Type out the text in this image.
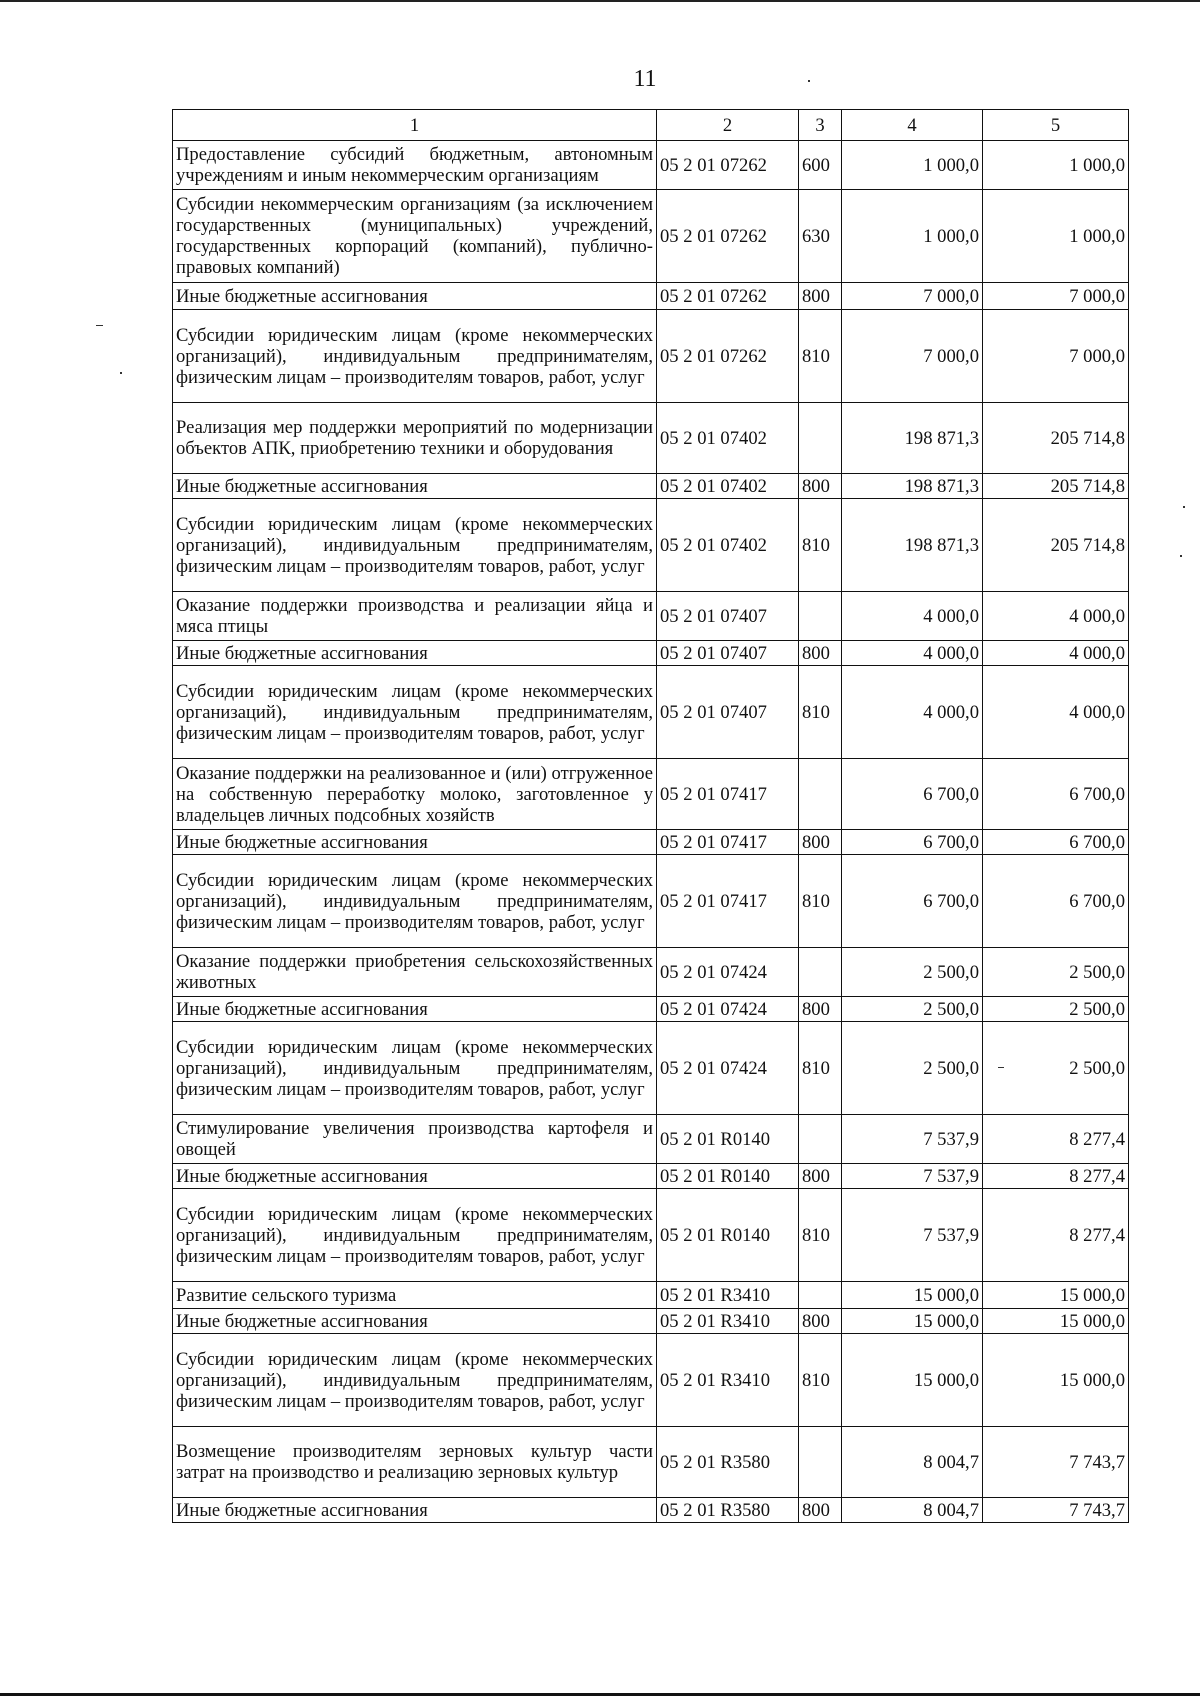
11
1	2	3	4	5
Предоставление субсидий бюджетным, автономным учреждениям и иным некоммерческим организациям	05 2 01 07262	600	1 000,0	1 000,0
Субсидии некоммерческим организациям (за исключением государственных (муниципальных) учреждений, государственных корпораций (компаний), публично-правовых компаний)	05 2 01 07262	630	1 000,0	1 000,0
Иные бюджетные ассигнования	05 2 01 07262	800	7 000,0	7 000,0
Субсидии юридическим лицам (кроме некоммерческих организаций), индивидуальным предпринимателям, физическим лицам – производителям товаров, работ, услуг	05 2 01 07262	810	7 000,0	7 000,0
Реализация мер поддержки мероприятий по модернизации объектов АПК, приобретению техники и оборудования	05 2 01 07402		198 871,3	205 714,8
Иные бюджетные ассигнования	05 2 01 07402	800	198 871,3	205 714,8
Субсидии юридическим лицам (кроме некоммерческих организаций), индивидуальным предпринимателям, физическим лицам – производителям товаров, работ, услуг	05 2 01 07402	810	198 871,3	205 714,8
Оказание поддержки производства и реализации яйца и мяса птицы	05 2 01 07407		4 000,0	4 000,0
Иные бюджетные ассигнования	05 2 01 07407	800	4 000,0	4 000,0
Субсидии юридическим лицам (кроме некоммерческих организаций), индивидуальным предпринимателям, физическим лицам – производителям товаров, работ, услуг	05 2 01 07407	810	4 000,0	4 000,0
Оказание поддержки на реализованное и (или) отгруженное на собственную переработку молоко, заготовленное у владельцев личных подсобных хозяйств	05 2 01 07417		6 700,0	6 700,0
Иные бюджетные ассигнования	05 2 01 07417	800	6 700,0	6 700,0
Субсидии юридическим лицам (кроме некоммерческих организаций), индивидуальным предпринимателям, физическим лицам – производителям товаров, работ, услуг	05 2 01 07417	810	6 700,0	6 700,0
Оказание поддержки приобретения сельскохозяйственных животных	05 2 01 07424		2 500,0	2 500,0
Иные бюджетные ассигнования	05 2 01 07424	800	2 500,0	2 500,0
Субсидии юридическим лицам (кроме некоммерческих организаций), индивидуальным предпринимателям, физическим лицам – производителям товаров, работ, услуг	05 2 01 07424	810	2 500,0	2 500,0
Стимулирование увеличения производства картофеля и овощей	05 2 01 R0140		7 537,9	8 277,4
Иные бюджетные ассигнования	05 2 01 R0140	800	7 537,9	8 277,4
Субсидии юридическим лицам (кроме некоммерческих организаций), индивидуальным предпринимателям, физическим лицам – производителям товаров, работ, услуг	05 2 01 R0140	810	7 537,9	8 277,4
Развитие сельского туризма	05 2 01 R3410		15 000,0	15 000,0
Иные бюджетные ассигнования	05 2 01 R3410	800	15 000,0	15 000,0
Субсидии юридическим лицам (кроме некоммерческих организаций), индивидуальным предпринимателям, физическим лицам – производителям товаров, работ, услуг	05 2 01 R3410	810	15 000,0	15 000,0
Возмещение производителям зерновых культур части затрат на производство и реализацию зерновых культур	05 2 01 R3580		8 004,7	7 743,7
Иные бюджетные ассигнования	05 2 01 R3580	800	8 004,7	7 743,7
